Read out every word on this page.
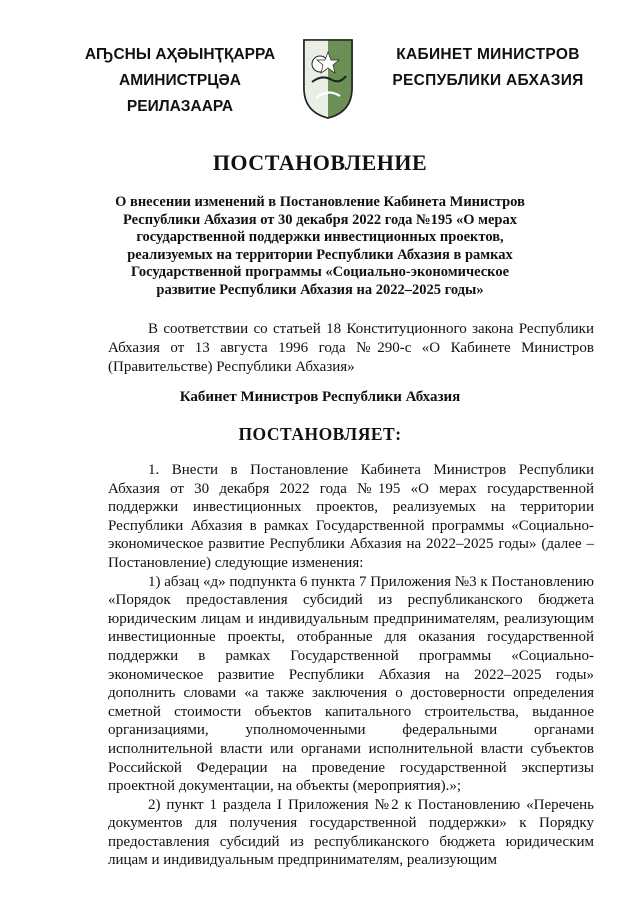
АҦСНЫ АҲӘЫНҬҚАРРА
АМИНИСТРЦӘА РЕИЛАЗААРА
КАБИНЕТ МИНИСТРОВ
РЕСПУБЛИКИ АБХАЗИЯ
ПОСТАНОВЛЕНИЕ
О внесении изменений в Постановление Кабинета Министров Республики Абхазия от 30 декабря 2022 года №195 «О мерах государственной поддержки инвестиционных проектов, реализуемых на территории Республики Абхазия в рамках Государственной программы «Социально-экономическое развитие Республики Абхазия на 2022–2025 годы»
В соответствии со статьей 18 Конституционного закона Республики Абхазия от 13 августа 1996 года №290-с «О Кабинете Министров (Правительстве) Республики Абхазия»
Кабинет Министров Республики Абхазия
ПОСТАНОВЛЯЕТ:

1. Внести в Постановление Кабинета Министров Республики Абхазия от 30 декабря 2022 года №195 «О мерах государственной поддержки инвестиционных проектов, реализуемых на территории Республики Абхазия в рамках Государственной программы «Социально-экономическое развитие Республики Абхазия на 2022–2025 годы» (далее – Постановление) следующие изменения:

1) абзац «д» подпункта 6 пункта 7 Приложения №3 к Постановлению «Порядок предоставления субсидий из республиканского бюджета юридическим лицам и индивидуальным предпринимателям, реализующим инвестиционные проекты, отобранные для оказания государственной поддержки в рамках Государственной программы «Социально-экономическое развитие Республики Абхазия на 2022–2025 годы» дополнить словами «а также заключения о достоверности определения сметной стоимости объектов капитального строительства, выданное организациями, уполномоченными федеральными органами исполнительной власти или органами исполнительной власти субъектов Российской Федерации на проведение государственной экспертизы проектной документации, на объекты (мероприятия).»;

2) пункт 1 раздела I Приложения №2 к Постановлению «Перечень документов для получения государственной поддержки» к Порядку предоставления субсидий из республиканского бюджета юридическим лицам и индивидуальным предпринимателям, реализующим
